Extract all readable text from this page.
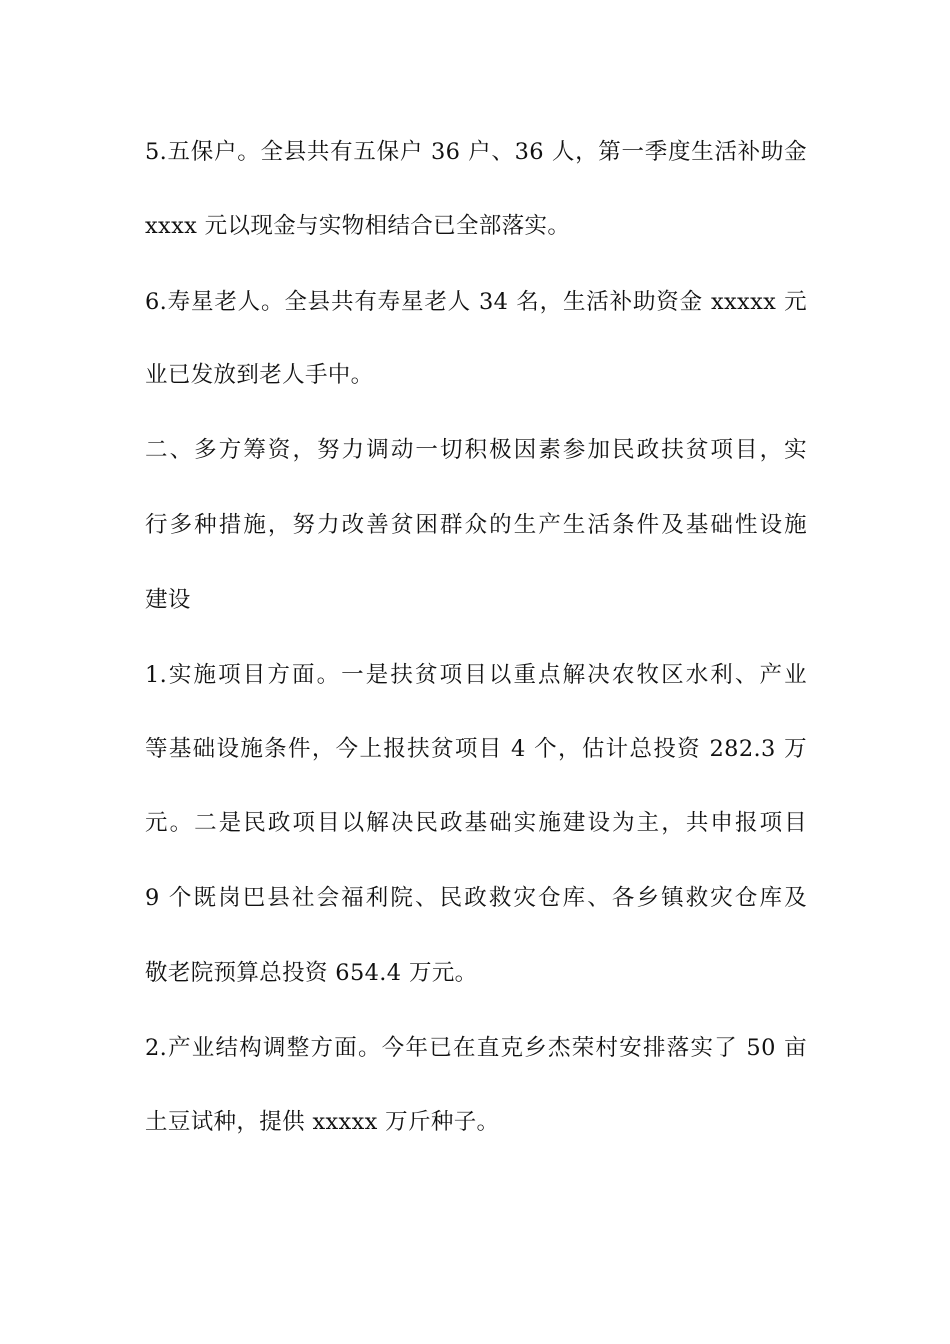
5.五保户。全县共有五保户 36 户、36 人，第一季度生活补助金
xxxx 元以现金与实物相结合已全部落实。
6.寿星老人。全县共有寿星老人 34 名，生活补助资金 xxxxx 元
业已发放到老人手中。
二、多方筹资，努力调动一切积极因素参加民政扶贫项目，实
行多种措施，努力改善贫困群众的生产生活条件及基础性设施
建设
1.实施项目方面。一是扶贫项目以重点解决农牧区水利、产业
等基础设施条件，今上报扶贫项目 4 个，估计总投资 282.3 万
元。二是民政项目以解决民政基础实施建设为主，共申报项目
9 个既岗巴县社会福利院、民政救灾仓库、各乡镇救灾仓库及
敬老院预算总投资 654.4 万元。
2.产业结构调整方面。今年已在直克乡杰荣村安排落实了 50 亩
土豆试种，提供 xxxxx 万斤种子。
